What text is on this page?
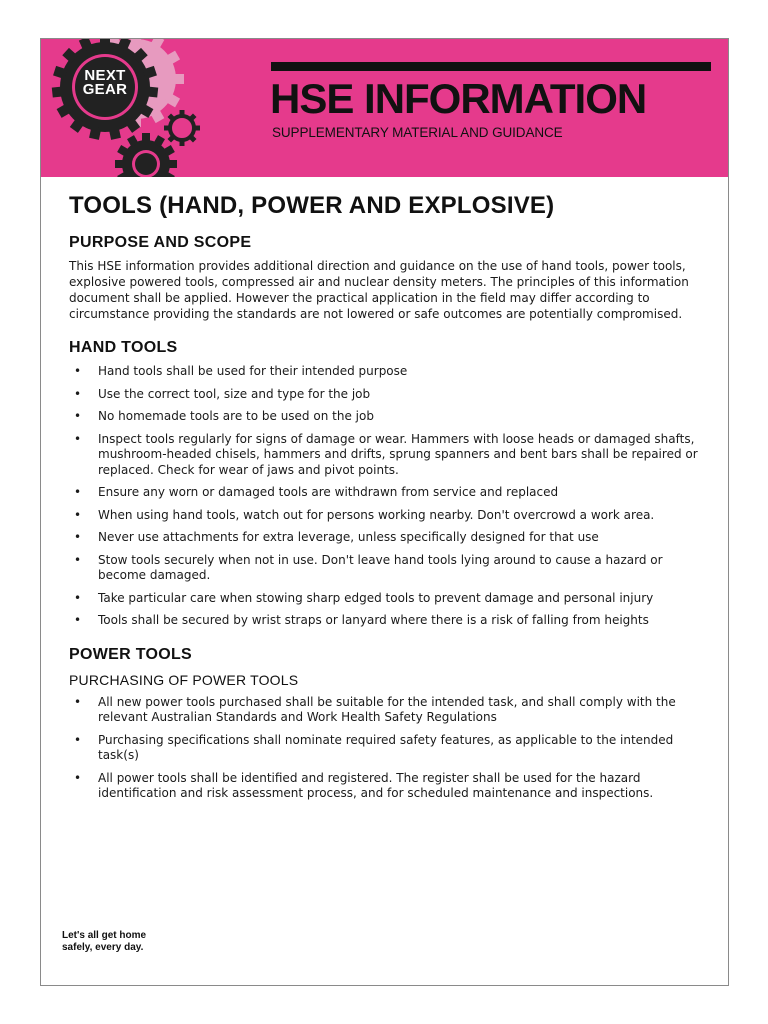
NEXT
GEAR	HSE INFORMATION
SUPPLEMENTARY MATERIAL AND GUIDANCE
TOOLS (HAND, POWER AND EXPLOSIVE)
PURPOSE AND SCOPE

This HSE information provides additional direction and guidance on the use of hand tools, power tools, explosive powered tools, compressed air and nuclear density meters. The principles of this information document shall be applied. However the practical application in the field may differ according to circumstance providing the standards are not lowered or safe outcomes are potentially compromised.

HAND TOOLS
• Hand tools shall be used for their intended purpose
• Use the correct tool, size and type for the job
• No homemade tools are to be used on the job
• Inspect tools regularly for signs of damage or wear. Hammers with loose heads or damaged shafts, mushroom-headed chisels, hammers and drifts, sprung spanners and bent bars shall be repaired or replaced. Check for wear of jaws and pivot points.
• Ensure any worn or damaged tools are withdrawn from service and replaced
• When using hand tools, watch out for persons working nearby. Don't overcrowd a work area.
• Never use attachments for extra leverage, unless specifically designed for that use
• Stow tools securely when not in use. Don't leave hand tools lying around to cause a hazard or become damaged.
• Take particular care when stowing sharp edged tools to prevent damage and personal injury
• Tools shall be secured by wrist straps or lanyard where there is a risk of falling from heights
POWER TOOLS
PURCHASING OF POWER TOOLS
• All new power tools purchased shall be suitable for the intended task, and shall comply with the relevant Australian Standards and Work Health Safety Regulations
• Purchasing specifications shall nominate required safety features, as applicable to the intended task(s)
• All power tools shall be identified and registered. The register shall be used for the hazard identification and risk assessment process, and for scheduled maintenance and inspections.
Let's all get home
safely, every day.
